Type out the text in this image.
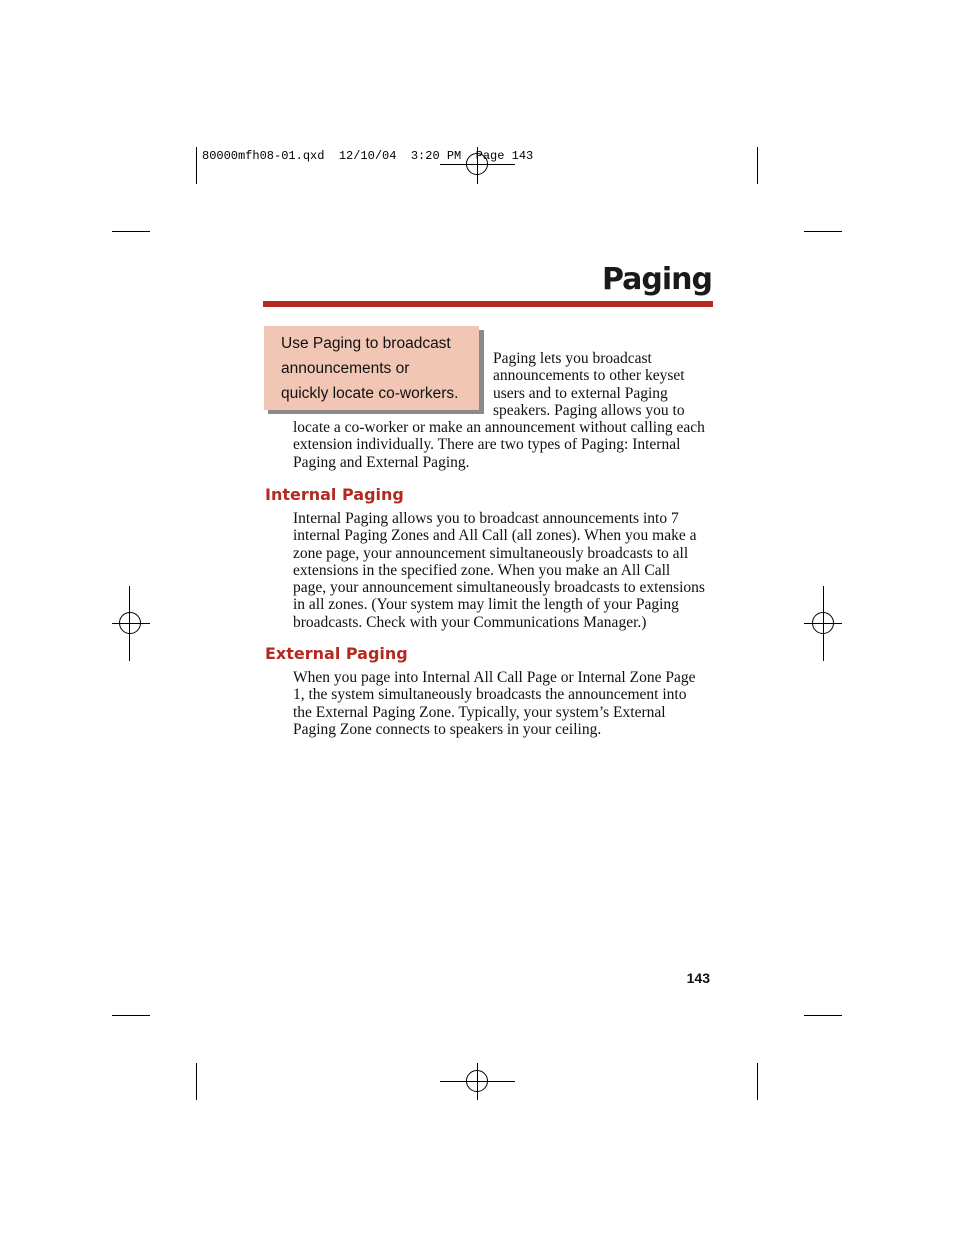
80000mfh08-01.qxd  12/10/04  3:20 PM  Page 143
Paging
Use Paging to broadcast
announcements or
quickly locate co-workers.
Paging lets you broadcast
announcements to other keyset
users and to external Paging
speakers. Paging allows you to
locate a co-worker or make an announcement without calling each
extension individually. There are two types of Paging: Internal
Paging and External Paging.
Internal Paging
Internal Paging allows you to broadcast announcements into 7
internal Paging Zones and All Call (all zones). When you make a
zone page, your announcement simultaneously broadcasts to all
extensions in the specified zone. When you make an All Call
page, your announcement simultaneously broadcasts to extensions
in all zones. (Your system may limit the length of your Paging
broadcasts. Check with your Communications Manager.)
External Paging
When you page into Internal All Call Page or Internal Zone Page
1, the system simultaneously broadcasts the announcement into
the External Paging Zone. Typically, your system’s External
Paging Zone connects to speakers in your ceiling.
143
